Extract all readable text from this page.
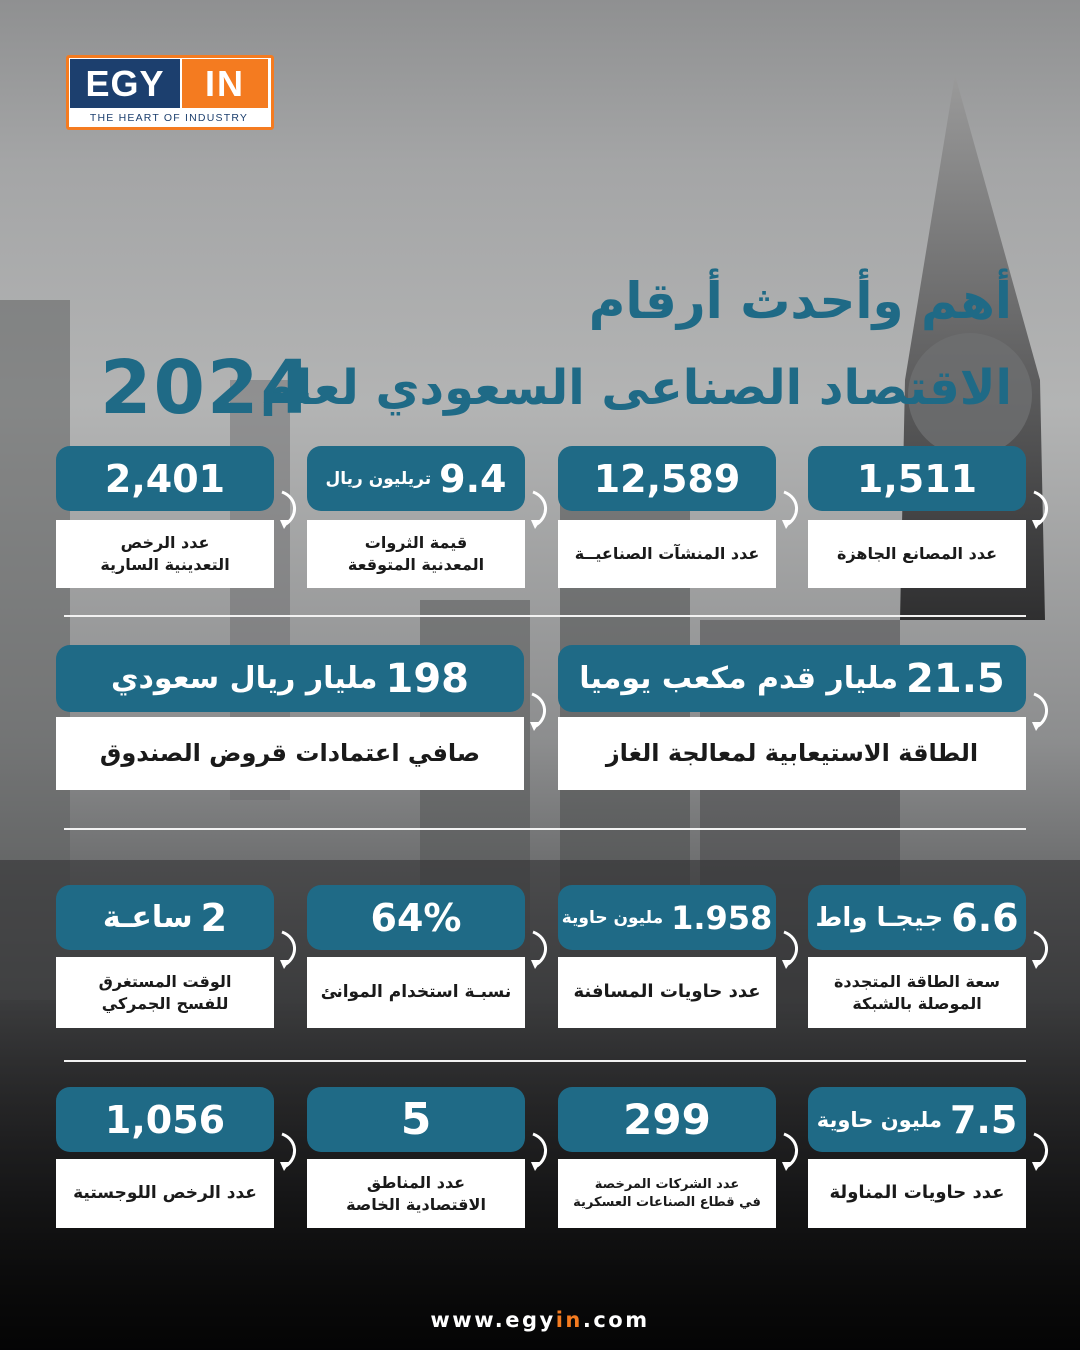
EGY	IN
THE HEART OF INDUSTRY
أهم وأحدث أرقام
الاقتصاد الصناعى السعودي لعام
2024
عدد المصانع الجاهزة
1,511
عدد المنشآت الصناعيــة
12,589
قيمة الثروات
المعدنية المتوقعة
9.4
تريليون ريال
عدد الرخص
التعدينية السارية
2,401
الطاقة الاستيعابية لمعالجة الغاز
21.5
مليار قدم مكعب يوميا
صافي اعتمادات قروض الصندوق
198
مليار ريال سعودي
سعة الطاقة المتجددة
الموصلة بالشبكة
6.6
جيجـا واط
عدد حاويات المسافنة
1.958
مليون حاوية
نسبـة استخدام الموانئ
64%
الوقت المستغرق
للفسح الجمركي
2
ساعـة
عدد حاويات المناولة
7.5
مليون حاوية
عدد الشركات المرخصة
في قطاع الصناعات العسكرية
299
عدد المناطق
الاقتصادية الخاصة
5
عدد الرخص اللوجستية
1,056
www.egyin.com
